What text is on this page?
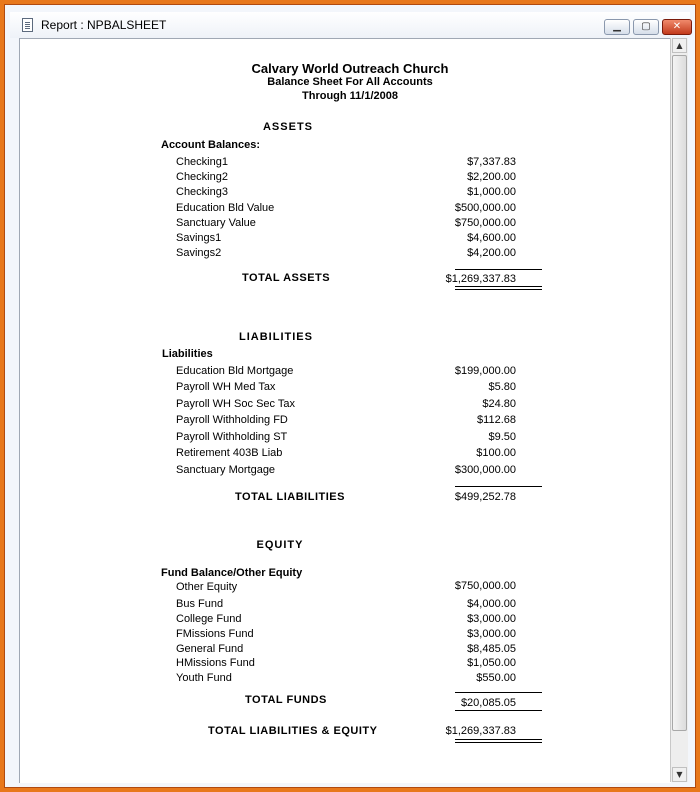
Report : NPBALSHEET	▁	▢	✕
Calvary World Outreach Church
Balance Sheet For All Accounts
Through 11/1/2008
ASSETS
Account Balances:
Checking1	$7,337.83
Checking2	$2,200.00
Checking3	$1,000.00
Education Bld Value	$500,000.00
Sanctuary Value	$750,000.00
Savings1	$4,600.00
Savings2	$4,200.00
TOTAL ASSETS	$1,269,337.83
LIABILITIES
Liabilities
Education Bld Mortgage	$199,000.00
Payroll WH Med Tax	$5.80
Payroll WH Soc Sec Tax	$24.80
Payroll Withholding FD	$112.68
Payroll Withholding ST	$9.50
Retirement 403B Liab	$100.00
Sanctuary Mortgage	$300,000.00
TOTAL LIABILITIES	$499,252.78
EQUITY
Fund Balance/Other Equity
Other Equity	$750,000.00
Bus Fund	$4,000.00
College Fund	$3,000.00
FMissions Fund	$3,000.00
General Fund	$8,485.05
HMissions Fund	$1,050.00
Youth Fund	$550.00
TOTAL FUNDS	$20,085.05
TOTAL LIABILITIES & EQUITY	$1,269,337.83
▲
▼
